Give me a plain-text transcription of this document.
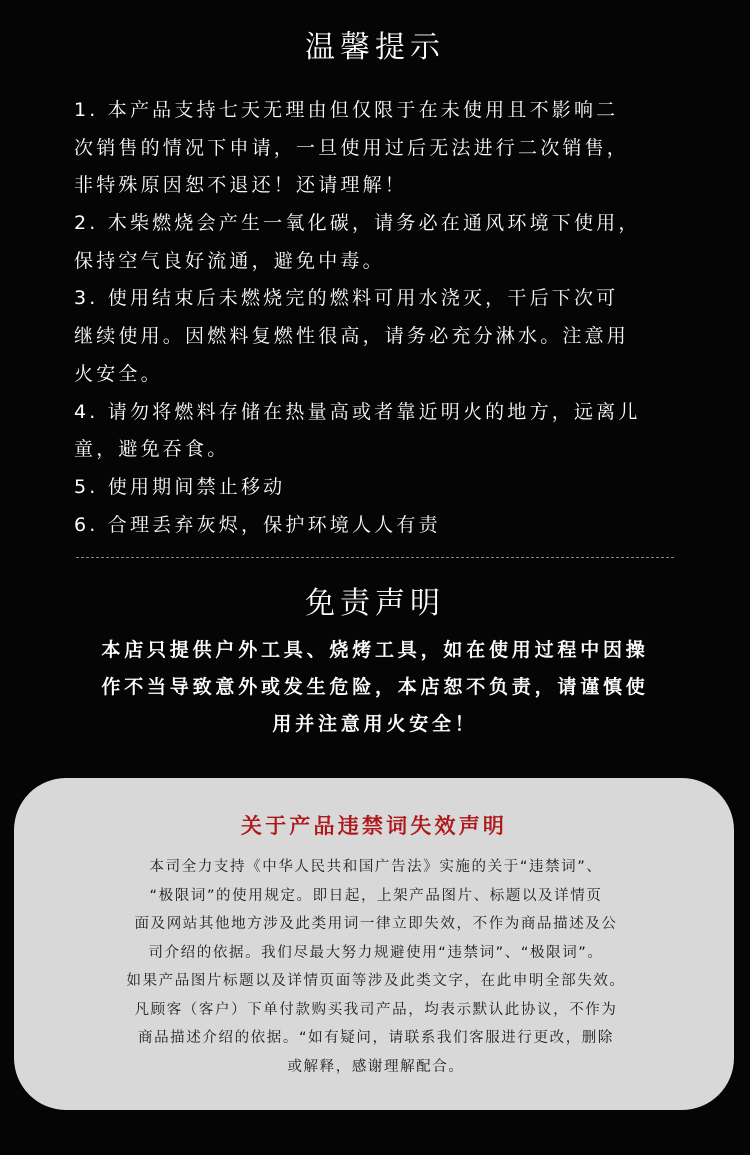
温馨提示
1. 本产品支持七天无理由但仅限于在未使用且不影响二
次销售的情况下申请，一旦使用过后无法进行二次销售，
非特殊原因恕不退还！还请理解！
2. 木柴燃烧会产生一氧化碳，请务必在通风环境下使用，
保持空气良好流通，避免中毒。
3. 使用结束后未燃烧完的燃料可用水浇灭，干后下次可
继续使用。因燃料复燃性很高，请务必充分淋水。注意用
火安全。
4. 请勿将燃料存储在热量高或者靠近明火的地方，远离儿
童，避免吞食。
5. 使用期间禁止移动
6. 合理丢弃灰烬，保护环境人人有责
免责声明
本店只提供户外工具、烧烤工具，如在使用过程中因操
作不当导致意外或发生危险，本店恕不负责，请谨慎使
用并注意用火安全！
关于产品违禁词失效声明
本司全力支持《中华人民共和国广告法》实施的关于“违禁词”、
“极限词”的使用规定。即日起，上架产品图片、标题以及详情页
面及网站其他地方涉及此类用词一律立即失效，不作为商品描述及公
司介绍的依据。我们尽最大努力规避使用“违禁词”、“极限词”。
如果产品图片标题以及详情页面等涉及此类文字，在此申明全部失效。
凡顾客（客户）下单付款购买我司产品，均表示默认此协议，不作为
商品描述介绍的依据。“如有疑问，请联系我们客服进行更改，删除
或解释，感谢理解配合。
